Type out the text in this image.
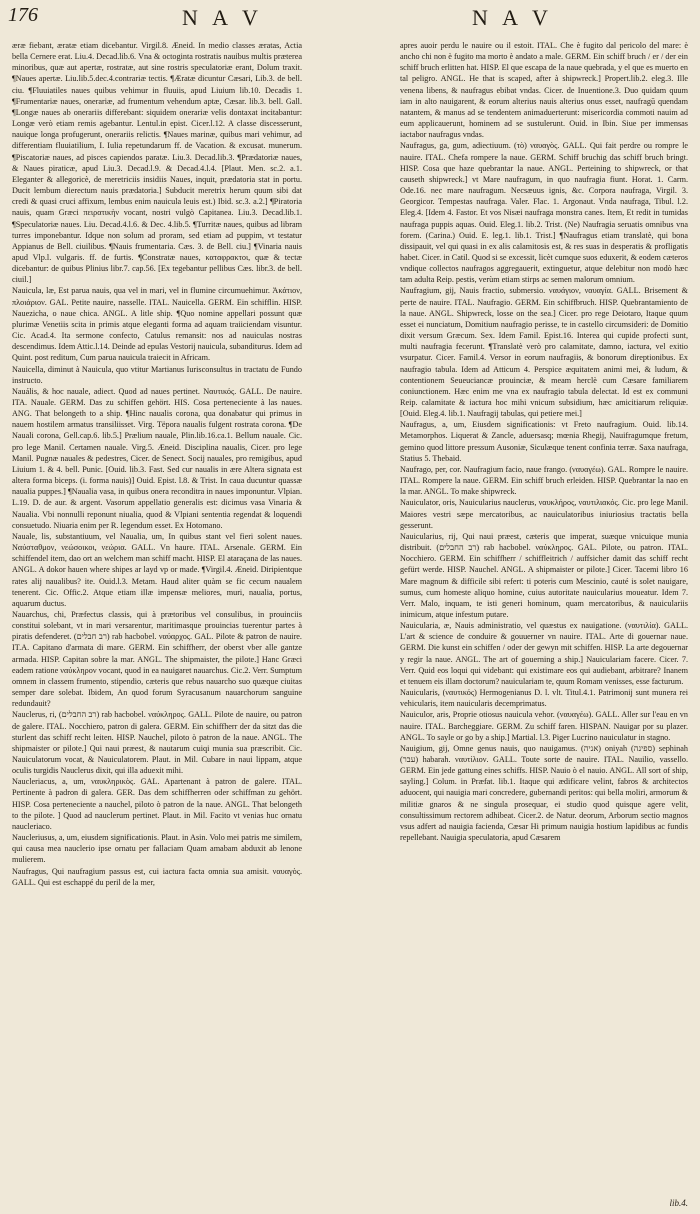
176	N A V	N A V

æræ fiebant, æratæ etiam dicebantur. Virgil.8. Æneid. In medio classes æratas, Actia bella Cernere erat. Liu.4. Decad.lib.6. Vna & octoginta rostratis nauibus multis præterea minoribus, quæ aut apertæ, rostratæ, aut sine rostris speculatoriæ erant, Dolum traxit. ¶Naues apertæ. Liu.lib.5.dec.4.contrariæ tectis. ¶Æratæ dicuntur Cæsari, Lib.3. de bell. ciu. ¶Fluuiatiles naues quibus vehimur in fluuiis, apud Liuium lib.10. Decadis 1. ¶Frumentariæ naues, onerariæ, ad frumentum vehendum aptæ, Cæsar. lib.3. bell. Gall. ¶Longæ naues ab onerariis differebant: siquidem onerariæ velis dontaxat incitabantur: Longæ verò etiam remis agebantur. Lentul.in epist. Cicer.l.12. A classe discesserunt, nauique longa profugerunt, onerariis relictis. ¶Naues marinæ, quibus mari vehimur, ad differentiam fluuiatilium, I. Iulia repetundarum ff. de Vacation. & excusat. munerum. ¶Piscatoriæ naues, ad pisces capiendos paratæ. Liu.3. Decad.lib.3. ¶Prædatoriæ naues, & Naues piraticæ, apud Liu.3. Decad.l.9. & Decad.4.l.4. [Plaut. Men. sc.2. a.1. Eleganter & allegoricè, de meretriciis insidiis Naues, inquit, prædatoria stat in portu. Ducit lembum dierectum nauis prædatoria.] Subducit meretrix herum quum sibi dat credi & quasi cruci affixum, lembus enim nauicula leuis est.) Ibid. sc.3. a.2.] ¶Piratoria nauis, quam Græci πειρατικὴν vocant, nostri vulgò Capitanea. Liu.3. Decad.lib.1. ¶Speculatoriæ naues. Liu. Decad.4.l.6. & Dec. 4.lib.5. ¶Turritæ naues, quibus ad libram turres imponebantur. Idque non solum ad proram, sed etiam ad puppim, vt testatur Appianus de Bell. ciuilibus. ¶Nauis frumentaria. Cæs. 3. de Bell. ciu.] ¶Vinaria nauis apud Vlp.l. vulgaris. ff. de furtis. ¶Constratæ naues, καταφρακτοι, quæ & tectæ dicebantur: de quibus Plinius libr.7. cap.56. [Ex tegebantur pellibus Cæs. libr.3. de bell. ciuil.]

Nauicula, læ, Est parua nauis, qua vel in mari, vel in flumine circumuehimur. Ἀκάτιον, πλοιάριον. GAL. Petite nauire, nasselle. ITAL. Nauicella. GERM. Ein schifflin. HISP. Nauezicha, o naue chica. ANGL. A litle ship. ¶Quo nomine appellari possunt quæ plurimæ Venetiis scita in primis atque eleganti forma ad aquam traiiciendam visuntur. Cic. Acad.4. Ita sermone confecto, Catulus remansit: nos ad nauiculas nostras descendimus. Idem Attic.l.14. Deinde ad epulas Vestorij nauicula, subanditurus. Idem ad Quint. post reditum, Cum parua nauicula traiecit in Africam.

Nauicella, diminut à Nauicula, quo vtitur Martianus Iurisconsultus in tractatu de Fundo instructo.

Nauális, & hoc nauale, adiect. Quod ad naues pertinet. Ναυτικός. GALL. De nauire. ITA. Nauale. GERM. Das zu schiffen gehört. HIS. Cosa perteneciente à las naues. ANG. That belongeth to a ship. ¶Hinc naualis corona, qua donabatur qui primus in nauem hostilem armatus transiliisset. Virg. Tëpora naualis fulgent rostrata corona. ¶De Nauali corona, Gell.cap.6. lib.5.] Prælium nauale, Plin.lib.16.ca.1. Bellum nauale. Cic. pro lege Manil. Certamen nauale. Virg.5. Æneid. Disciplina naualis, Cicer. pro lege Manil. Pugnæ nauales & pedestres, Cicer. de Senect. Socij nauales, pro remigibus, apud Liuium 1. & 4. bell. Punic. [Ouid. lib.3. Fast. Sed cur naualis in ære Altera signata est altera forma biceps. (i. forma nauis)] Ouid. Epist. l.8. & Trist. In caua ducuntur quassæ naualia puppes.] ¶Naualia vasa, in quibus onera reconditra in naues imponuntur. Vlpian. L.19. D. de aur. & argent. Vasorum appellatio generalis est: dicimus vasa Vinaria & Naualia. Vbi nonnulli reponunt niualia, quod & Vlpiani sententia regendat & loquendi consuetudo. Niuaria enim per R. legendum esset. Ex Hotomano.

Nauale, lis, substantiuum, vel Naualia, um, In quibus stant vel fieri solent naues. Ναύσταθμον, νεώσοικοι, νεώρια. GALL. Vn haure. ITAL. Arsenale. GERM. Ein schiffendel item, dao ort an welchem man schiff macht. HISP. El ataraçana de las naues. ANGL. A dokor hauen where shipes ar layd vp or made. ¶Virgil.4. Æneid. Diripientque rates alij naualibus? ite. Ouid.l.3. Metam. Haud aliter quàm se fic cecum naualem tenerent. Cic. Offic.2. Atque etiam illæ impensæ meliores, muri, naualia, portus, aquarum ductus.

Nauarchus, chi, Præfectus classis, qui à prætoribus vel consulibus, in prouinciis constitui solebant, vt in mari versarentur, maritimasque prouincias tuerentur partes à piratis defenderet. (רב חבלים) rab hacbobel. ναύαρχος. GAL. Pilote & patron de nauire. IT.A. Capitano d'armata di mare. GERM. Ein schiffherr, der oberst vber alle gantze armada. HISP. Capitan sobre la mar. ANGL. The shipmaister, the pilote.] Hanc Græci eadem ratione ναύκληρον vocant, quod in ea nauigaret nauarchus. Cic.2. Verr. Sumptum omnem in classem frumento, stipendio, cæteris que rebus nauarcho suo quæque ciuitas semper dare solebat. Ibidem, An quod forum Syracusanum nauarchorum sanguine redundauit?

Nauclerus, ri, (רב החבלים) rab hacbobel. ναύκληρος. GALL. Pilote de nauire, ou patron de galere. ITAL. Nocchiero, patron di galera. GERM. Ein schiffherr der da sitzt das die sturlent das schiff recht leiten. HISP. Nauchel, piloto ò patron de la naue. ANGL. The shipmaister or pilote.] Qui naui præest, & nautarum cuiqi munia sua præscribit. Cic. Nauiculatorum vocat, & Nauiculatorem. Plaut. in Mil. Cubare in naui lippam, atque oculis turgidis Nauclerus dixit, qui illa aduexit mihi.

Naucleriacus, a, um, ναυκληρικὸς. GAL. Apartenant à patron de galere. ITAL. Pertinente à padron di galera. GER. Das dem schiffherren oder schiffman zu gehört. HISP. Cosa perteneciente a nauchel, piloto ò patron de la naue. ANGL. That belongeth to the pilote. ] Quod ad nauclerum pertinet. Plaut. in Mil. Facito vt venias huc ornatu naucleriaco.

Naucleriusus, a, um, eiusdem significationis. Plaut. in Asin. Volo mei patris me similem, qui causa mea nauclerio ipse ornatu per fallaciam Quam amabam abduxit ab lenone mulierem.

Naufragus, Qui naufragium passus est, cui iactura facta omnia sua amisit. ναυαγὸς. GALL. Qui est eschappé du peril de la mer,

apres auoir perdu le nauire ou il estoit. ITAL. Che è fugito dal pericolo del mare: è ancho chi non è fugito ma morto è andato a male. GERM. Ein schiff bruch / er / der ein schiff bruch erlitten hat. HISP. El que escapa de la naue quebrada, y el que es muerto en tal peligro. ANGL. He that is scaped, after à shipwreck.] Propert.lib.2. eleg.3. Ille venena libens, & naufragus ebibat vndas. Cicer. de Inuentione.3. Duo quidam quum iam in alto nauigarent, & eorum alterius nauis alterius onus esset, naufragū quendam natantem, & manus ad se tendentem animaduerterunt: misericordia commoti nauim ad eum applicauerunt, hominem ad se sustulerunt. Ouid. in Ibin. Siue per immensas iactabor naufragus vndas.

Naufragus, ga, gum, adiectiuum. (τὸ) ναυαγὸς. GALL. Qui fait perdre ou rompre le nauire. ITAL. Chefa rompere la naue. GERM. Schiff bruchig das schiff bruch bringt. HISP. Cosa que haze quebrantar la naue. ANGL. Perteining to shipwreck, or that causeth shipwreck.] vt Mare naufragum, in quo naufragia fiunt. Horat. 1. Carm. Ode.16. nec mare naufragum. Necsæuus ignis, &c. Corpora naufraga, Virgil. 3. Georgicor. Tempestas naufraga. Valer. Flac. 1. Argonaut. Vnda naufraga, Tibul. l.2. Eleg.4. [Idem 4. Fastor. Et vos Nisæi naufraga monstra canes. Item, Et redit in tumidas naufraga puppis aquas. Ouid. Eleg.1. lib.2. Trist. (Ne) Naufragia seruatis omnibus vna forem. (Carina.) Ouid. E. leg.1. lib.1. Trist.] ¶Naufragus etiam translatè, qui bona dissipauit, vel qui quasi in ex alis calamitosis est, & res suas in desperatis & profligatis habet. Cicer. in Catil. Quod si se excessit, licèt cumque suos eduxerit, & eodem cæteros vndique collectos naufragos aggregauerit, extinguetur, atque delebitur non modò hæc tam adulta Reip. pestis, verùm etiam stirps ac semen malorum omnium.

Naufragium, gij, Nauis fractio, submersio. ναυάγιον, ναυαγία. GALL. Brisement & perte de nauire. ITAL. Naufragio. GERM. Ein schiffbruch. HISP. Quebrantamiento de la naue. ANGL. Shipwreck, losse on the sea.] Cicer. pro rege Deiotaro, Itaque quum esset ei nunciatum, Domitium naufragio perisse, te in castello circumsideri: de Domitio dixit versum Græcum. Sex. Idem Famil. Epist.16. Interea qui cupide profecti sunt, multi naufragia fecerunt. ¶Translatè verò pro calamitate, damno, iactura, vel exitio vsurpatur. Cicer. Famil.4. Versor in eorum naufragiis, & bonorum direptionibus. Ex naufragio tabula. Idem ad Atticum 4. Perspice æquitatem animi mei, & ludum, & contentionem Seueuciancæ prouinciæ, & meam herclè cum Cæsare familiarem coniunctionem. Hæc enim me vna ex naufragio tabula delectat. Id est ex communi Reip. calamitate & iactura hoc mihi vnicum subsidium, hæc amicitiarum reliquiæ. [Ouid. Eleg.4. lib.1. Naufragij tabulas, qui petiere mei.]

Naufragus, a, um, Eiusdem significationis: vt Freto naufragium. Ouid. lib.14. Metamorphos. Liquerat & Zancle, aduersasq; mœnia Rhegij, Nauifragumque fretum, gemino quod littore pressum Ausoniæ, Siculæque tenent confinia terræ. Saxa naufraga, Statius 5. Thebaid.

Naufrago, per, cor. Naufragium facio, naue frango. (ναυαγέω). GAL. Rompre le nauire. ITAL. Rompere la naue. GERM. Ein schiff bruch erleiden. HISP. Quebrantar la nao en la mar. ANGL. To make shipwreck.

Nauiculator, oris, Nauicularius nauclerus, ναυκλήρος, ναυτιλιακός. Cic. pro lege Manil. Maiores vestri sæpe mercatoribus, ac nauiculatoribus iniuriosius tractatis bella gesserunt.

Nauicularius, rij, Qui naui præest, cæteris que imperat, suæque vnicuique munia distribuit. (רב החבלים) rab hacbobel. ναύκληρος. GAL. Pilote, ou patron. ITAL. Nocchiero. GERM. Ein schiffherr / schiffleitrich / auffsicher damit das schiff recht gefürt werde. HISP. Nauchel. ANGL. A shipmaister or pilote.] Cicer. Tacemi libro 16 Mare magnum & difficile sibi refert: ti poteris cum Mescinio, cauté is solet nauigare, sumus, cum homeste aliquo homine, cuius autoritate nauicularius moueatur. Idem 7. Verr. Malo, inquam, te isti generi hominum, quam mercatoribus, & nauiculariis inimicum, atque infestum putare.

Nauicularia, æ, Nauis administratio, vel quæstus ex nauigatione. (ναυτιλία). GALL. L'art & science de conduire & gouuerner vn nauire. ITAL. Arte di gouernar naue. GERM. Die kunst ein schiffen / oder der gewyn mit schiffen. HISP. La arte degouernar y regir la naue. ANGL. The art of gouerning a ship.] Nauiculariam facere. Cicer. 7. Verr. Quid eos loqui qui videbant: qui existimare eos qui audiebant, arbitrare? Inanem et tenuem eis illam doctorum? nauiculariam te, quum Romam venisses, esse facturum.

Nauicularis, (ναυτικός) Hermogenianus D. l. vlt. Titul.4.1. Patrimonij sunt munera rei vehicularis, item nauicularis decemprimatus.

Nauiculor, aris, Proprie otiosus nauicula vehor. (ναυαγέω). GALL. Aller sur l'eau en vn nauire. ITAL. Barcheggiare. GERM. Zu schiff faren. HISPAN. Nauigar por su plazer. ANGL. To sayle or go by a ship.] Martial. l.3. Piger Lucrino nauiculatur in stagno.

Nauigium, gij, Omne genus nauis, quo nauigamus. (אניה) oniyah (ספינה) sephinah (עבר) habarah. ναυτίλιον. GALL. Toute sorte de nauire. ITAL. Nauilio, vassello. GERM. Ein jede gattung eines schiffs. HISP. Nauio ò el nauio. ANGL. All sort of ship, sayling.] Colum. in Præfat. lib.1. Itaque qui ædificare velint, fabros & architectos aduocent, qui nauigia mari concredere, gubernandi peritos: qui bella moliri, armorum & militiæ gnaros & ne singula prosequar, ei studio quod quisque agere velit, consultissimum rectorem adhibeat. Cicer.2. de Natur. deorum, Arborum sectio magnos vsus adfert ad nauigia facienda, Cæsar Hi primum nauigia hostium lapidibus ac fundis repellebant. Nauigia speculatoria, apud Cæsarem

lib.4.
